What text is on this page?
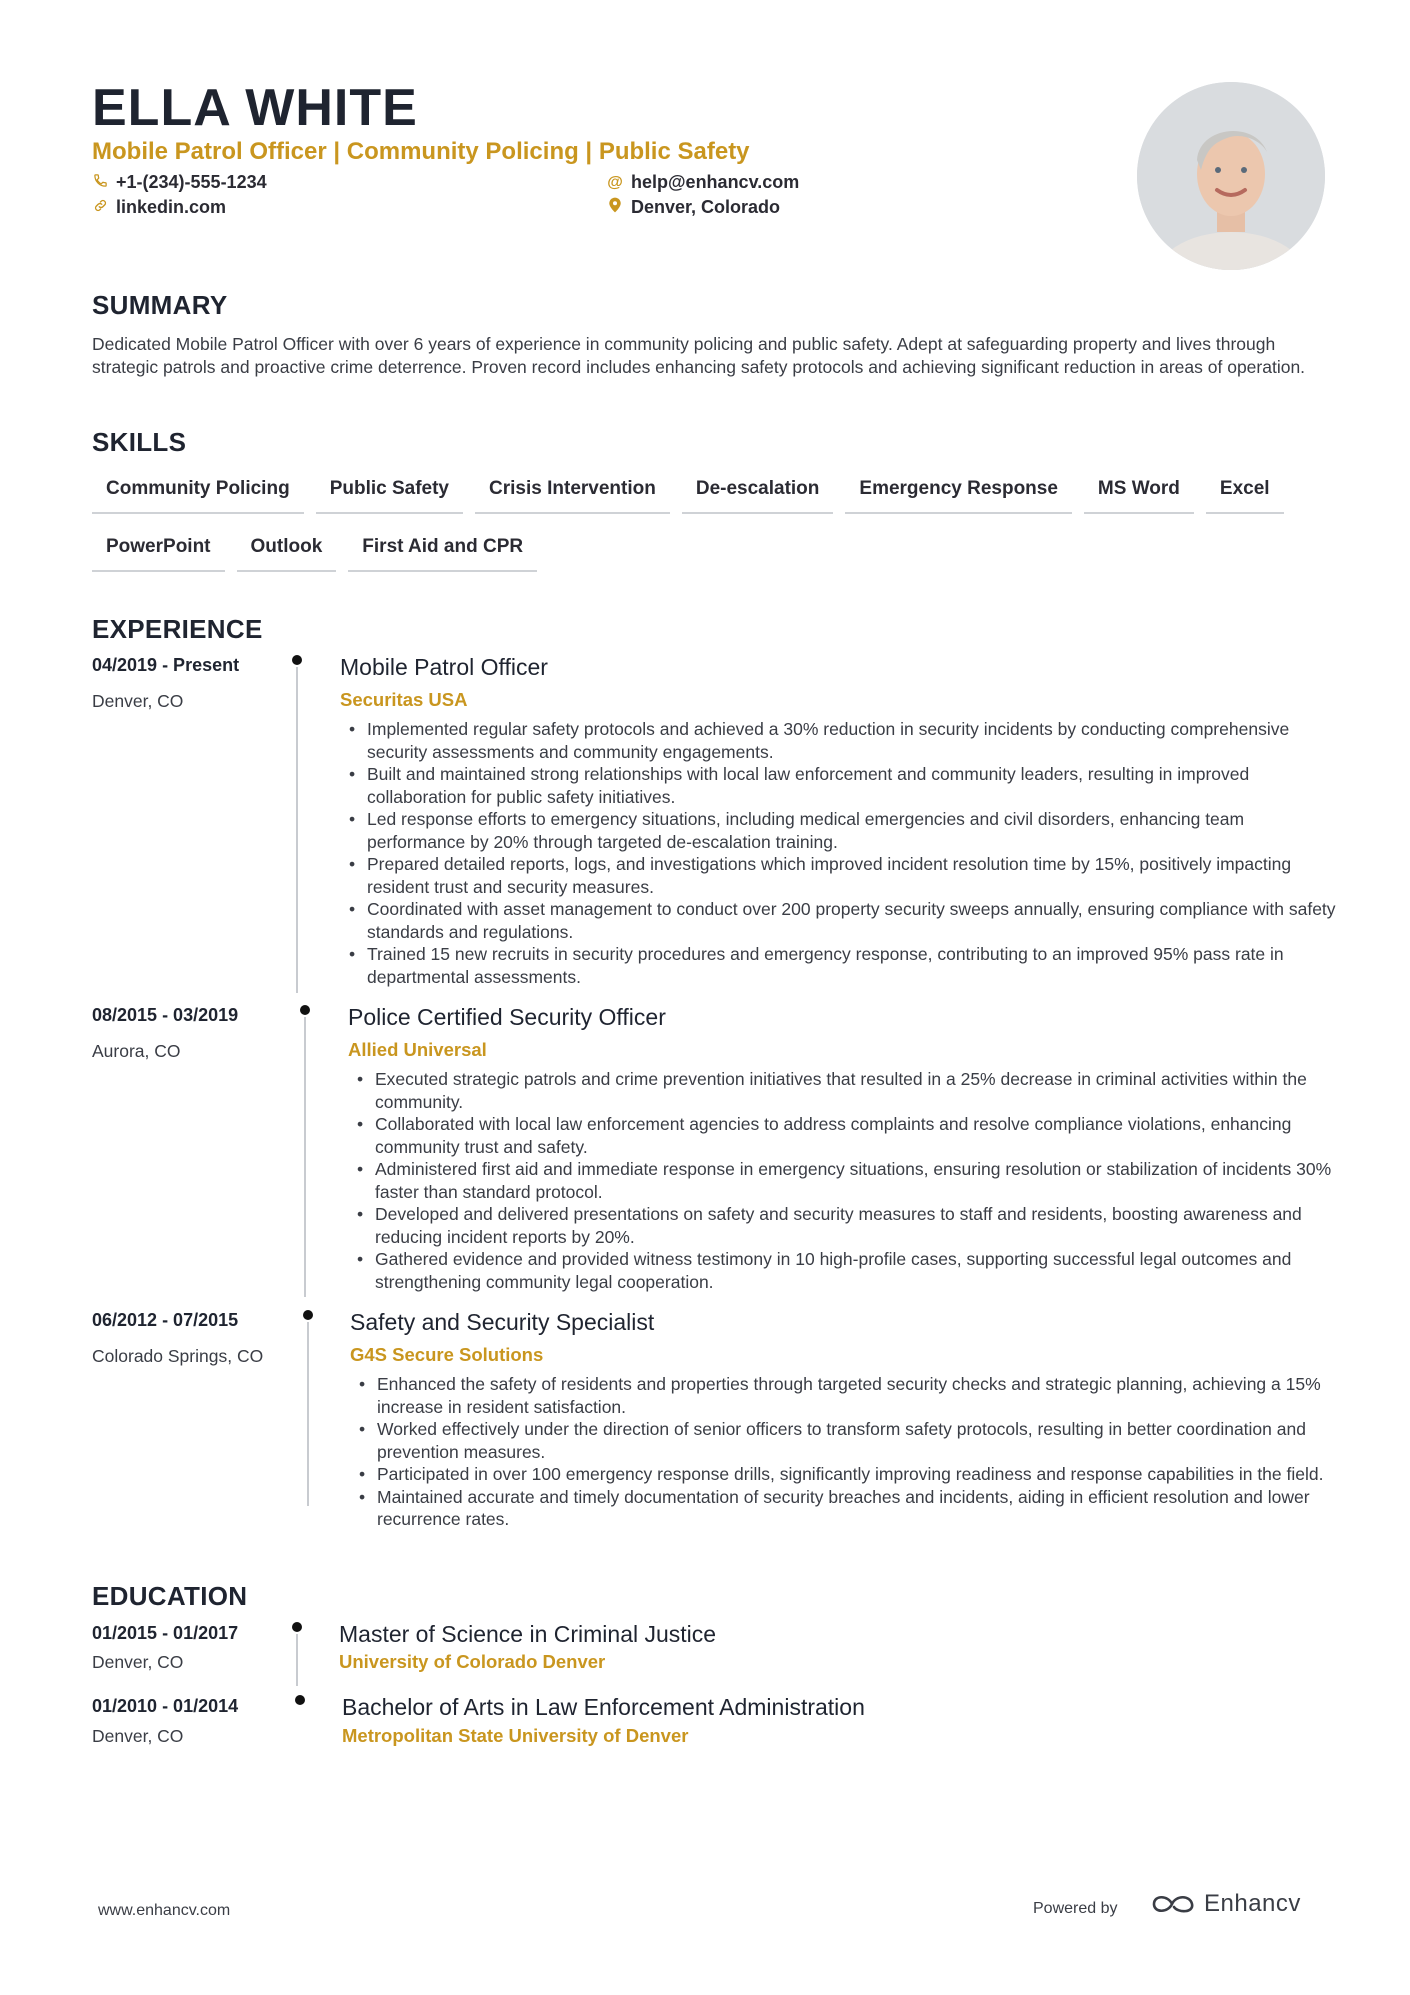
ELLA WHITE
Mobile Patrol Officer | Community Policing | Public Safety
+1-(234)-555-1234
linkedin.com
@ help@enhancv.com
Denver, Colorado
SUMMARY
Dedicated Mobile Patrol Officer with over 6 years of experience in community policing and public safety. Adept at safeguarding property and lives through strategic patrols and proactive crime deterrence. Proven record includes enhancing safety protocols and achieving significant reduction in areas of operation.
SKILLS
Community Policing	Public Safety	Crisis Intervention	De-escalation	Emergency Response	MS Word	Excel
PowerPoint	Outlook	First Aid and CPR
EXPERIENCE
04/2019 - Present
Denver, CO
Mobile Patrol Officer
Securitas USA
• Implemented regular safety protocols and achieved a 30% reduction in security incidents by conducting comprehensive security assessments and community engagements.
• Built and maintained strong relationships with local law enforcement and community leaders, resulting in improved collaboration for public safety initiatives.
• Led response efforts to emergency situations, including medical emergencies and civil disorders, enhancing team performance by 20% through targeted de-escalation training.
• Prepared detailed reports, logs, and investigations which improved incident resolution time by 15%, positively impacting resident trust and security measures.
• Coordinated with asset management to conduct over 200 property security sweeps annually, ensuring compliance with safety standards and regulations.
• Trained 15 new recruits in security procedures and emergency response, contributing to an improved 95% pass rate in departmental assessments.
08/2015 - 03/2019
Aurora, CO
Police Certified Security Officer
Allied Universal
• Executed strategic patrols and crime prevention initiatives that resulted in a 25% decrease in criminal activities within the community.
• Collaborated with local law enforcement agencies to address complaints and resolve compliance violations, enhancing community trust and safety.
• Administered first aid and immediate response in emergency situations, ensuring resolution or stabilization of incidents 30% faster than standard protocol.
• Developed and delivered presentations on safety and security measures to staff and residents, boosting awareness and reducing incident reports by 20%.
• Gathered evidence and provided witness testimony in 10 high-profile cases, supporting successful legal outcomes and strengthening community legal cooperation.
06/2012 - 07/2015
Colorado Springs, CO
Safety and Security Specialist
G4S Secure Solutions
• Enhanced the safety of residents and properties through targeted security checks and strategic planning, achieving a 15% increase in resident satisfaction.
• Worked effectively under the direction of senior officers to transform safety protocols, resulting in better coordination and prevention measures.
• Participated in over 100 emergency response drills, significantly improving readiness and response capabilities in the field.
• Maintained accurate and timely documentation of security breaches and incidents, aiding in efficient resolution and lower recurrence rates.
EDUCATION
01/2015 - 01/2017
Denver, CO
Master of Science in Criminal Justice
University of Colorado Denver
01/2010 - 01/2014
Denver, CO
Bachelor of Arts in Law Enforcement Administration
Metropolitan State University of Denver
www.enhancv.com	Powered by	Enhancv
